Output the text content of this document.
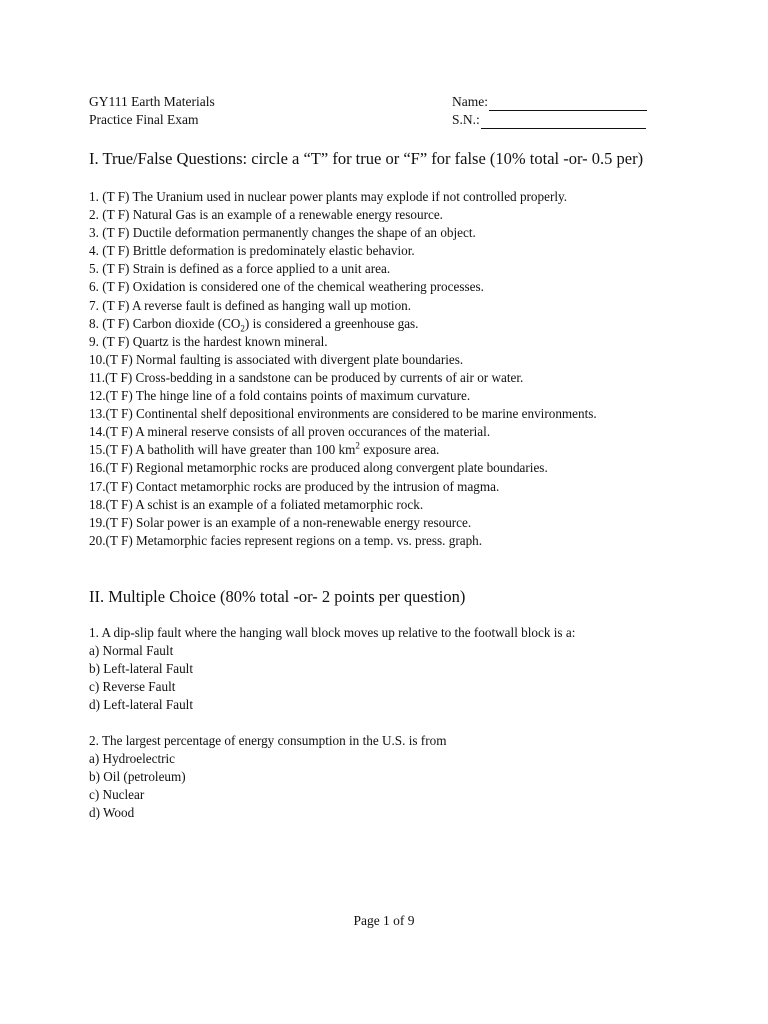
GY111 Earth Materials
Practice Final Exam
Name:
S.N.:
I. True/False Questions: circle a “T” for true or “F” for false (10% total -or- 0.5 per)
1. (T F) The Uranium used in nuclear power plants may explode if not controlled properly.
2. (T F) Natural Gas is an example of a renewable energy resource.
3. (T F) Ductile deformation permanently changes the shape of an object.
4. (T F) Brittle deformation is predominately elastic behavior.
5. (T F) Strain is defined as a force applied to a unit area.
6. (T F) Oxidation is considered one of the chemical weathering processes.
7. (T F) A reverse fault is defined as hanging wall up motion.
8. (T F) Carbon dioxide $(CO_2)$ is considered a greenhouse gas.
9. (T F) Quartz is the hardest known mineral.
10.(T F) Normal faulting is associated with divergent plate boundaries.
11.(T F) Cross-bedding in a sandstone can be produced by currents of air or water.
12.(T F) The hinge line of a fold contains points of maximum curvature.
13.(T F) Continental shelf depositional environments are considered to be marine environments.
14.(T F) A mineral reserve consists of all proven occurances of the material.
15.(T F) A batholith will have greater than 100 $km^2$ exposure area.
16.(T F) Regional metamorphic rocks are produced along convergent plate boundaries.
17.(T F) Contact metamorphic rocks are produced by the intrusion of magma.
18.(T F) A schist is an example of a foliated metamorphic rock.
19.(T F) Solar power is an example of a non-renewable energy resource.
20.(T F) Metamorphic facies represent regions on a temp. vs. press. graph.
II. Multiple Choice (80% total -or- 2 points per question)
1. A dip-slip fault where the hanging wall block moves up relative to the footwall block is a:
a) Normal Fault
b) Left-lateral Fault
c) Reverse Fault
d) Left-lateral Fault
2. The largest percentage of energy consumption in the U.S. is from
a) Hydroelectric
b) Oil (petroleum)
c) Nuclear
d) Wood
Page 1 of 9
